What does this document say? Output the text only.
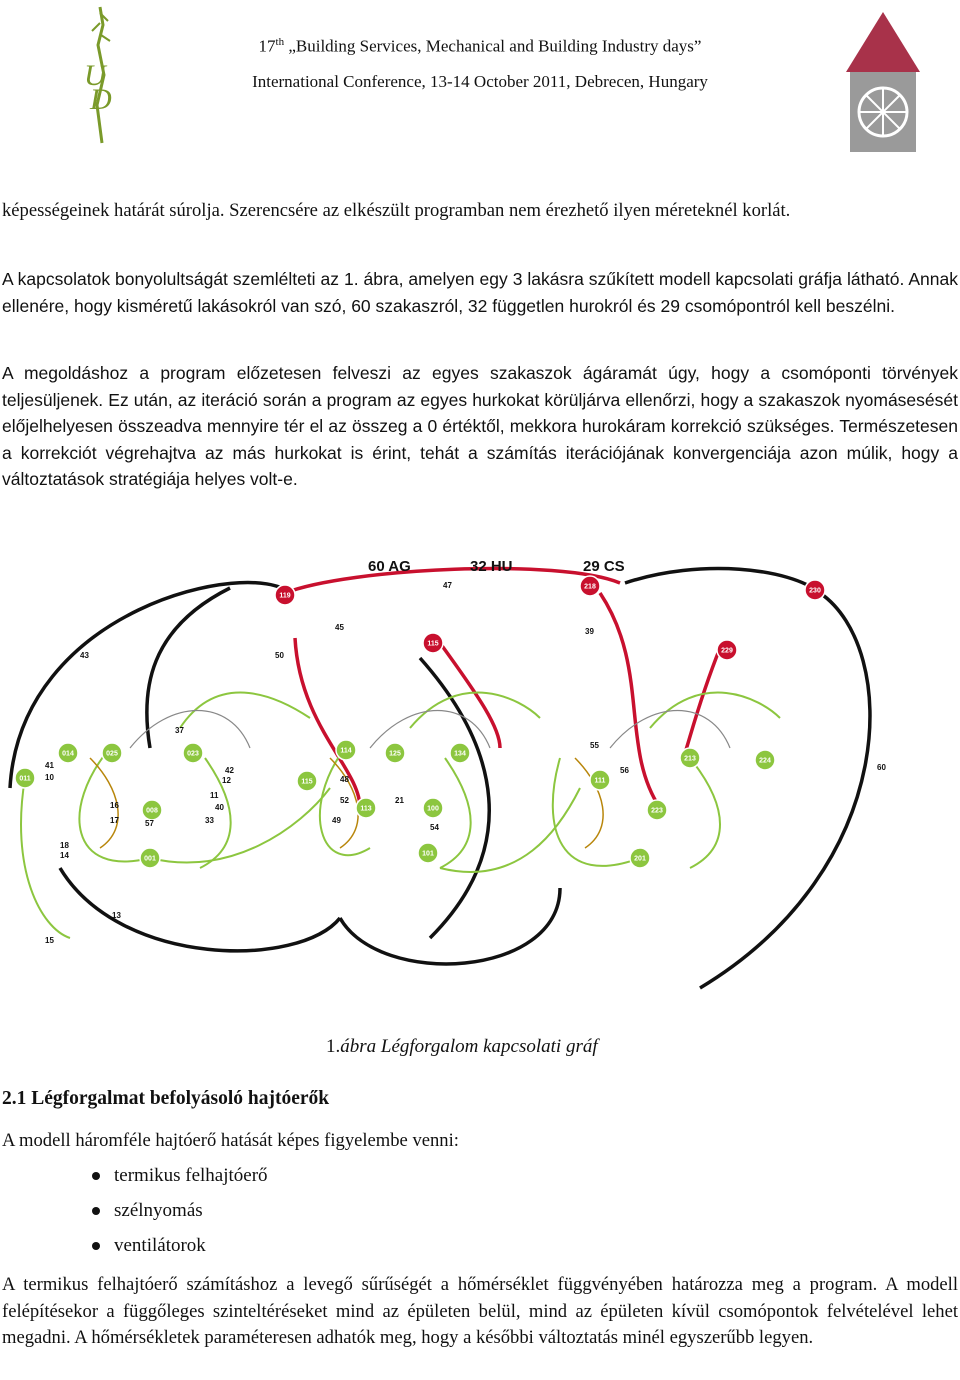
U
D
17th „Building Services, Mechanical and Building Industry days”
International Conference, 13-14 October 2011, Debrecen, Hungary
képességeinek határát súrolja. Szerencsére az elkészült programban nem érezhető ilyen méreteknél korlát.
A kapcsolatok bonyolultságát szemlélteti az 1. ábra, amelyen egy 3 lakásra szűkített modell kapcsolati gráfja látható. Annak ellenére, hogy kisméretű lakásokról van szó, 60 szakaszról, 32 független hurokról és 29 csomópontról kell beszélni.
A megoldáshoz a program előzetesen felveszi az egyes szakaszok ágáramát úgy, hogy a csomóponti törvények teljesüljenek. Ez után, az iteráció során a program az egyes hurkokat körüljárva ellenőrzi, hogy a szakaszok nyomásesését előjelhelyesen összeadva mennyire tér el az összeg a 0 értéktől, mekkora hurokáram korrekció szükséges. Természetesen a korrekciót végrehajtva az más hurkokat is érint, tehát a számítás iterációjának konvergenciája azon múlik, hogy a változtatások stratégiája helyes volt-e.
119
218
230
115
229
014	025	023	114	125	134
224
213
011
008
115
113	100
111
223
001
101
201
47
45	39
43
16
50
37
42
12
40
41
10
11
33
15
17	57
21
18
14
48
52
54
49
56	60
55
13
60 AG	32 HU	29 CS
1.ábra Légforgalom kapcsolati gráf
2.1 Légforgalmat befolyásoló hajtóerők
A modell háromféle hajtóerő hatását képes figyelembe venni:
termikus felhajtóerő
szélnyomás
ventilátorok
A termikus felhajtóerő számításhoz a levegő sűrűségét a hőmérséklet függvényében határozza meg a program. A modell felépítésekor a függőleges szinteltéréseket mind az épületen belül, mind az épületen kívül csomópontok felvételével lehet megadni. A hőmérsékletek paraméteresen adhatók meg, hogy a későbbi változtatás minél egyszerűbb legyen.
